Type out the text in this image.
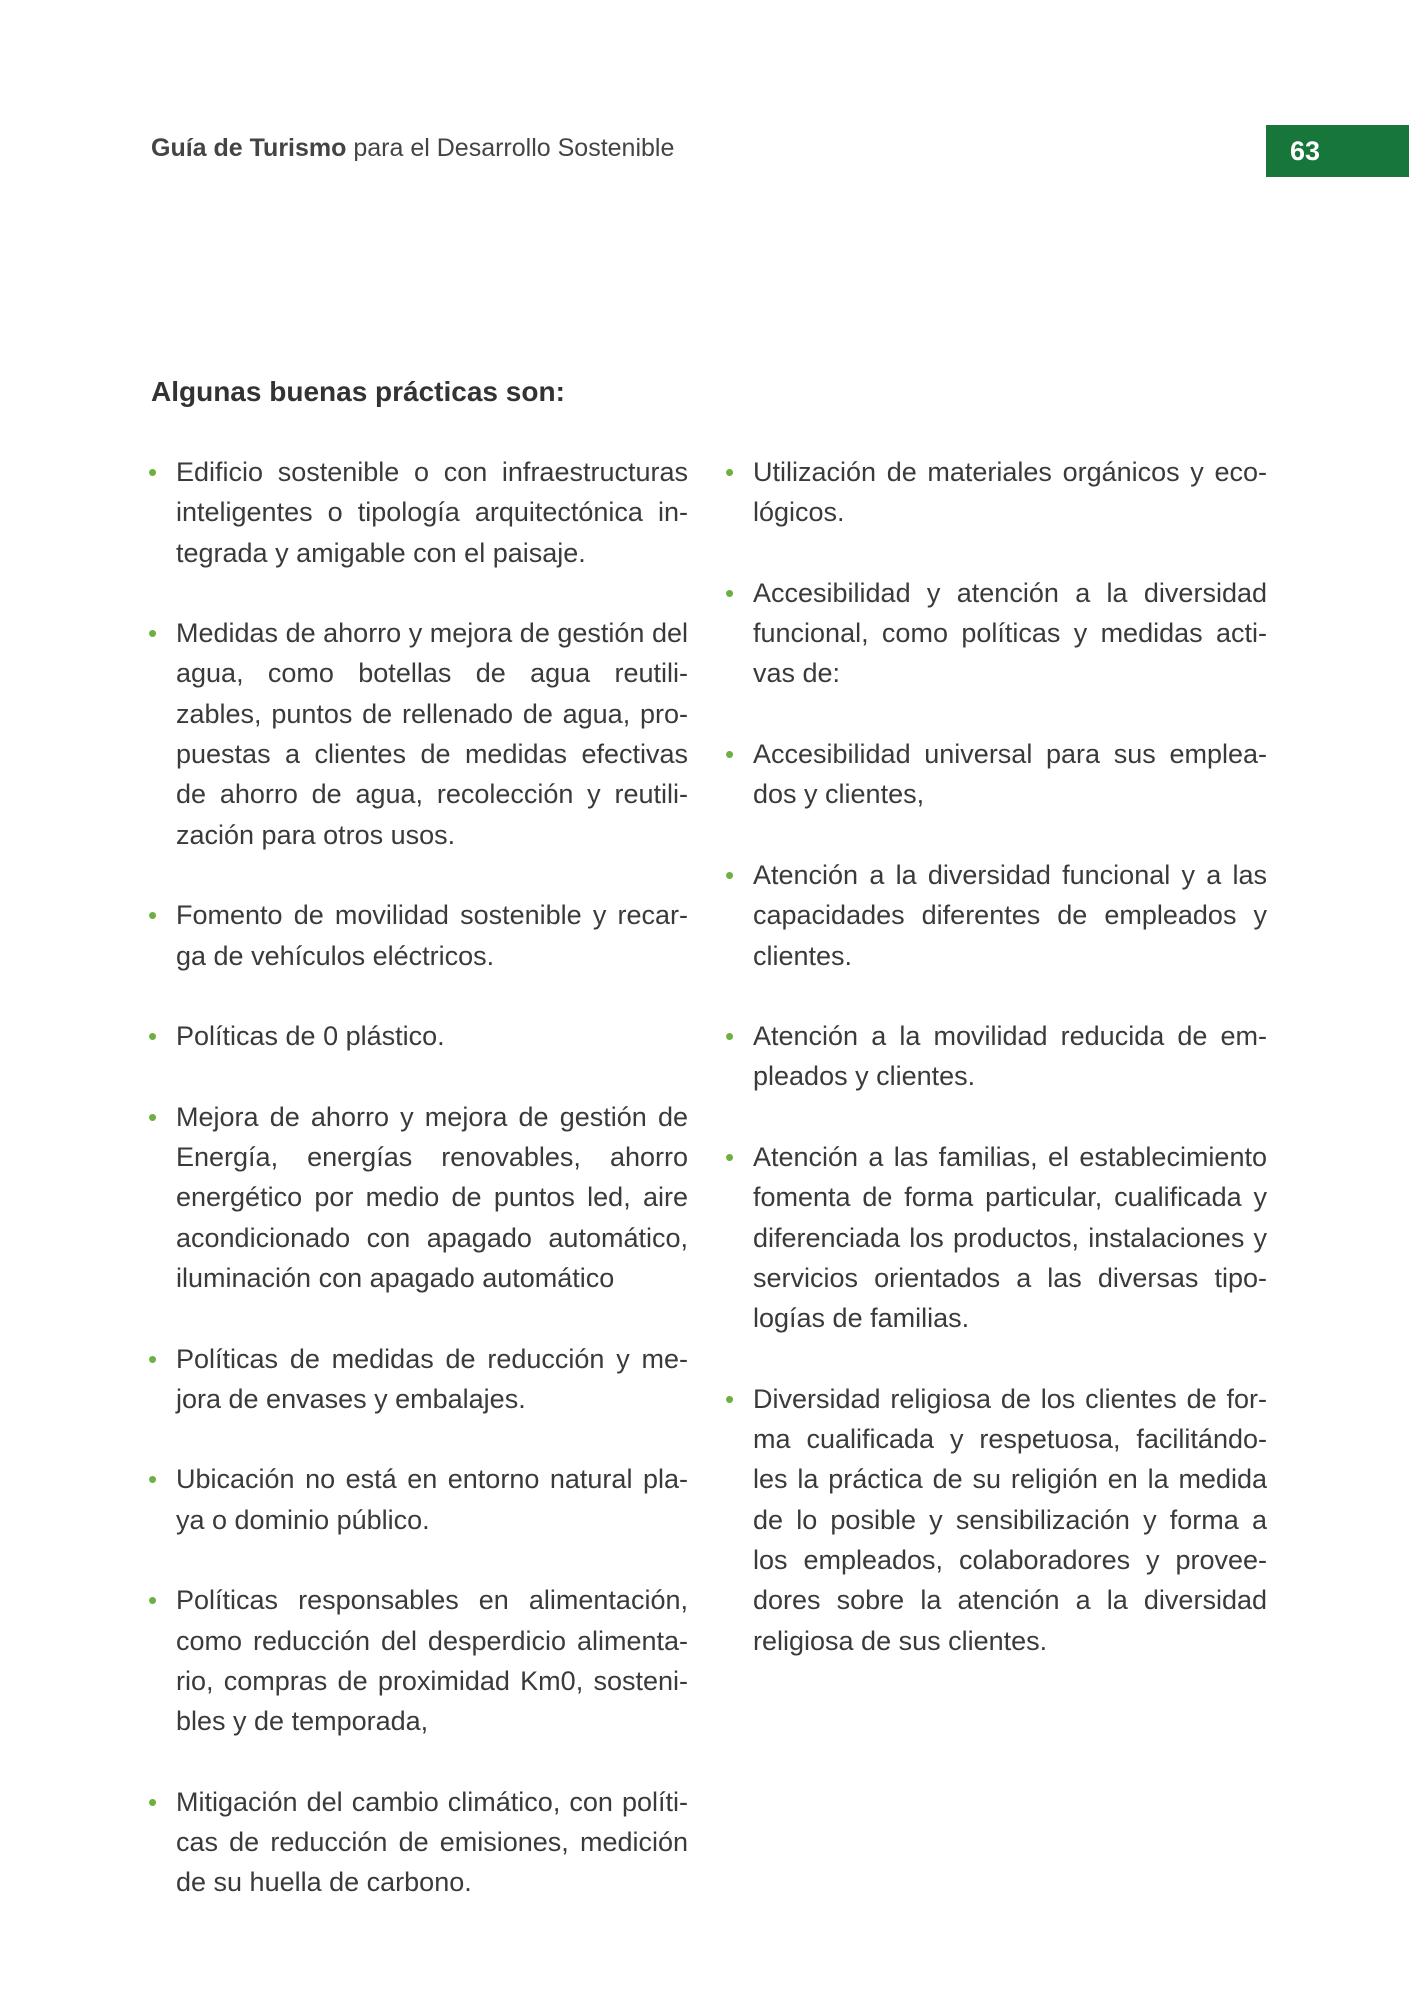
Guía de Turismo para el Desarrollo Sostenible	63
Algunas buenas prácticas son:
• Edificio sostenible o con infraestructuras inteligentes o tipología arquitectónica in-tegrada y amigable con el paisaje.
• Medidas de ahorro y mejora de gestión del agua, como botellas de agua reutili-zables, puntos de rellenado de agua, pro-puestas a clientes de medidas efectivas de ahorro de agua, recolección y reutili-zación para otros usos.
• Fomento de movilidad sostenible y recar-ga de vehículos eléctricos.
• Políticas de 0 plástico.
• Mejora de ahorro y mejora de gestión de Energía, energías renovables, ahorro energético por medio de puntos led, aire acondicionado con apagado automático, iluminación con apagado automático
• Políticas de medidas de reducción y me-jora de envases y embalajes.
• Ubicación no está en entorno natural pla-ya o dominio público.
• Políticas responsables en alimentación, como reducción del desperdicio alimenta-rio, compras de proximidad Km0, sosteni-bles y de temporada,
• Mitigación del cambio climático, con políti-cas de reducción de emisiones, medición de su huella de carbono.
• Utilización de materiales orgánicos y eco-lógicos.
• Accesibilidad y atención a la diversidad funcional, como políticas y medidas acti-vas de:
• Accesibilidad universal para sus emplea-dos y clientes,
• Atención a la diversidad funcional y a las capacidades diferentes de empleados y clientes.
• Atención a la movilidad reducida de em-pleados y clientes.
• Atención a las familias, el establecimiento fomenta de forma particular, cualificada y diferenciada los productos, instalaciones y servicios orientados a las diversas tipo-logías de familias.
• Diversidad religiosa de los clientes de for-ma cualificada y respetuosa, facilitándo-les la práctica de su religión en la medida de lo posible y sensibilización y forma a los empleados, colaboradores y provee-dores sobre la atención a la diversidad religiosa de sus clientes.
